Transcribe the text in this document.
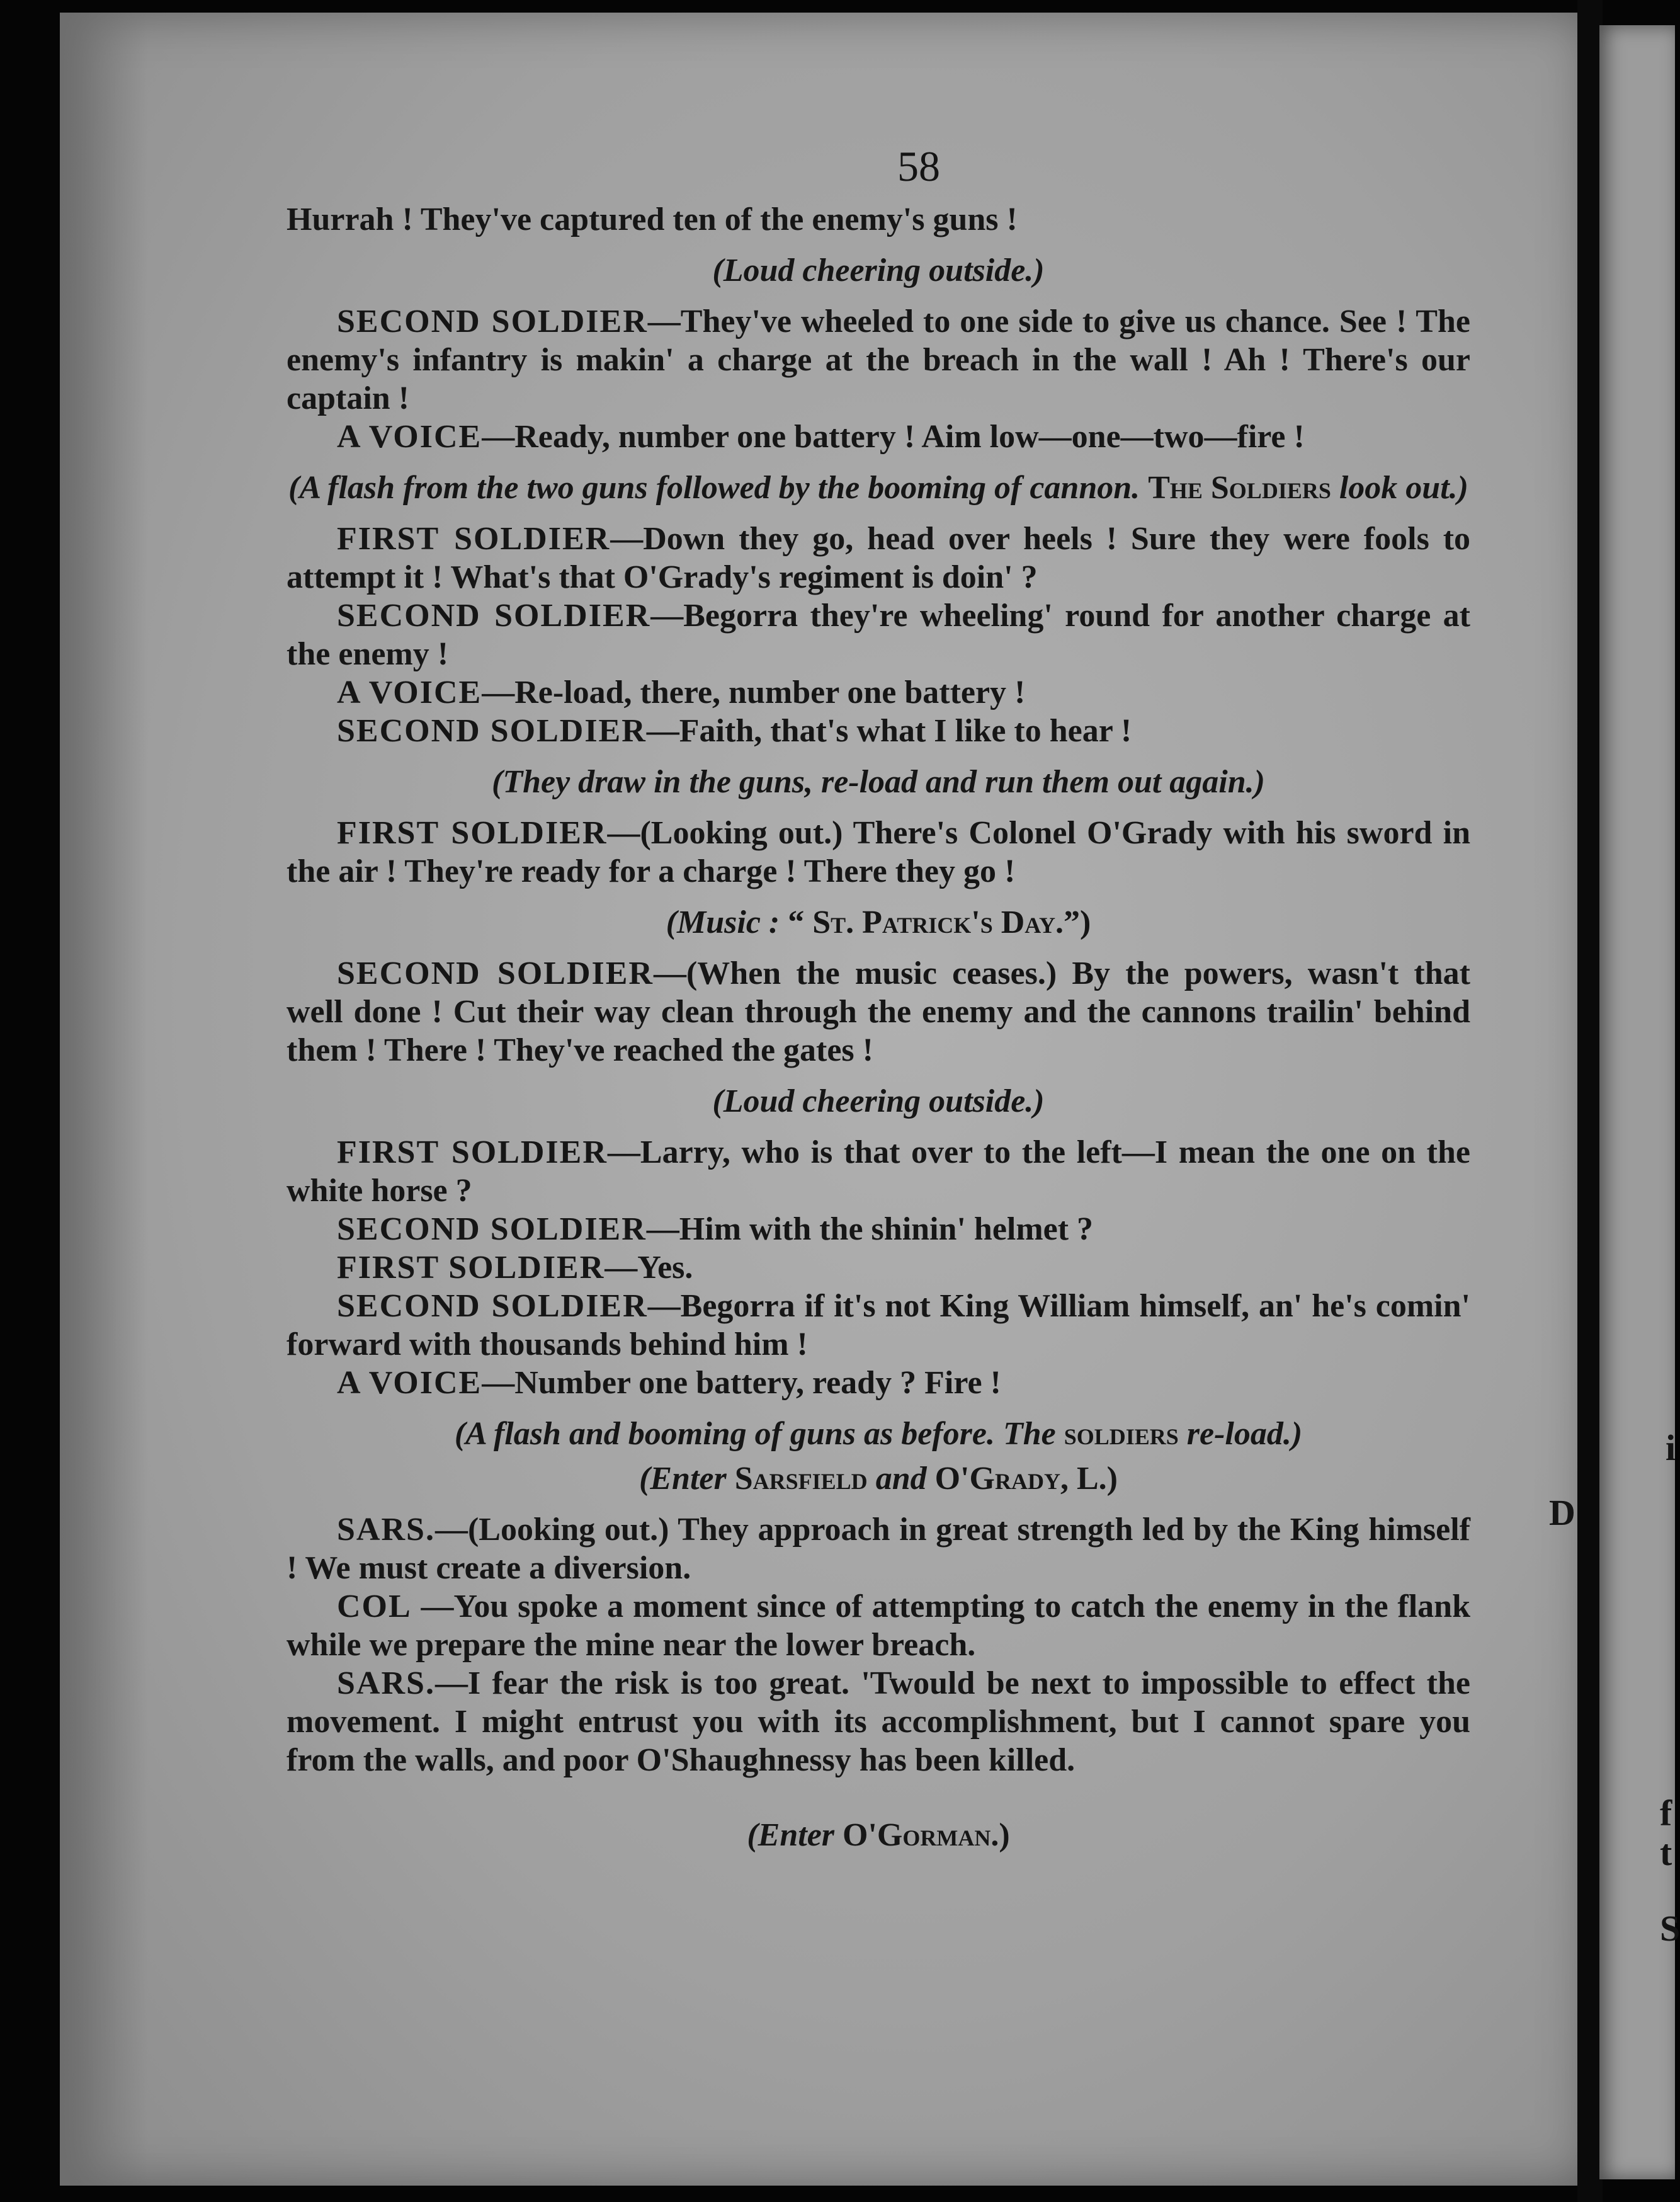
i
D
f
t
S
58

Hurrah ! They've captured ten of the enemy's guns !

(Loud cheering outside.)

SECOND SOLDIER—They've wheeled to one side to give us chance. See ! The enemy's infantry is makin' a charge at the breach in the wall ! Ah ! There's our captain !

A VOICE—Ready, number one battery ! Aim low—one—two—fire !

(A flash from the two guns followed by the booming of cannon. The Soldiers look out.)

FIRST SOLDIER—Down they go, head over heels ! Sure they were fools to attempt it ! What's that O'Grady's regiment is doin' ?

SECOND SOLDIER—Begorra they're wheeling' round for another charge at the enemy !

A VOICE—Re-load, there, number one battery !

SECOND SOLDIER—Faith, that's what I like to hear !

(They draw in the guns, re-load and run them out again.)

FIRST SOLDIER—(Looking out.) There's Colonel O'Grady with his sword in the air ! They're ready for a charge ! There they go !

(Music : “ St. Patrick's Day.”)

SECOND SOLDIER—(When the music ceases.) By the powers, wasn't that well done ! Cut their way clean through the enemy and the cannons trailin' behind them ! There ! They've reached the gates !

(Loud cheering outside.)

FIRST SOLDIER—Larry, who is that over to the left—I mean the one on the white horse ?

SECOND SOLDIER—Him with the shinin' helmet ?

FIRST SOLDIER—Yes.

SECOND SOLDIER—Begorra if it's not King William himself, an' he's comin' forward with thousands behind him !

A VOICE—Number one battery, ready ? Fire !

(A flash and booming of guns as before. The soldiers re-load.)

(Enter Sarsfield and O'Grady, L.)

SARS.—(Looking out.) They approach in great strength led by the King himself ! We must create a diversion.

COL —You spoke a moment since of attempting to catch the enemy in the flank while we prepare the mine near the lower breach.

SARS.—I fear the risk is too great. 'Twould be next to impossible to effect the movement. I might entrust you with its accomplishment, but I cannot spare you from the walls, and poor O'Shaughnessy has been killed.

(Enter O'Gorman.)
